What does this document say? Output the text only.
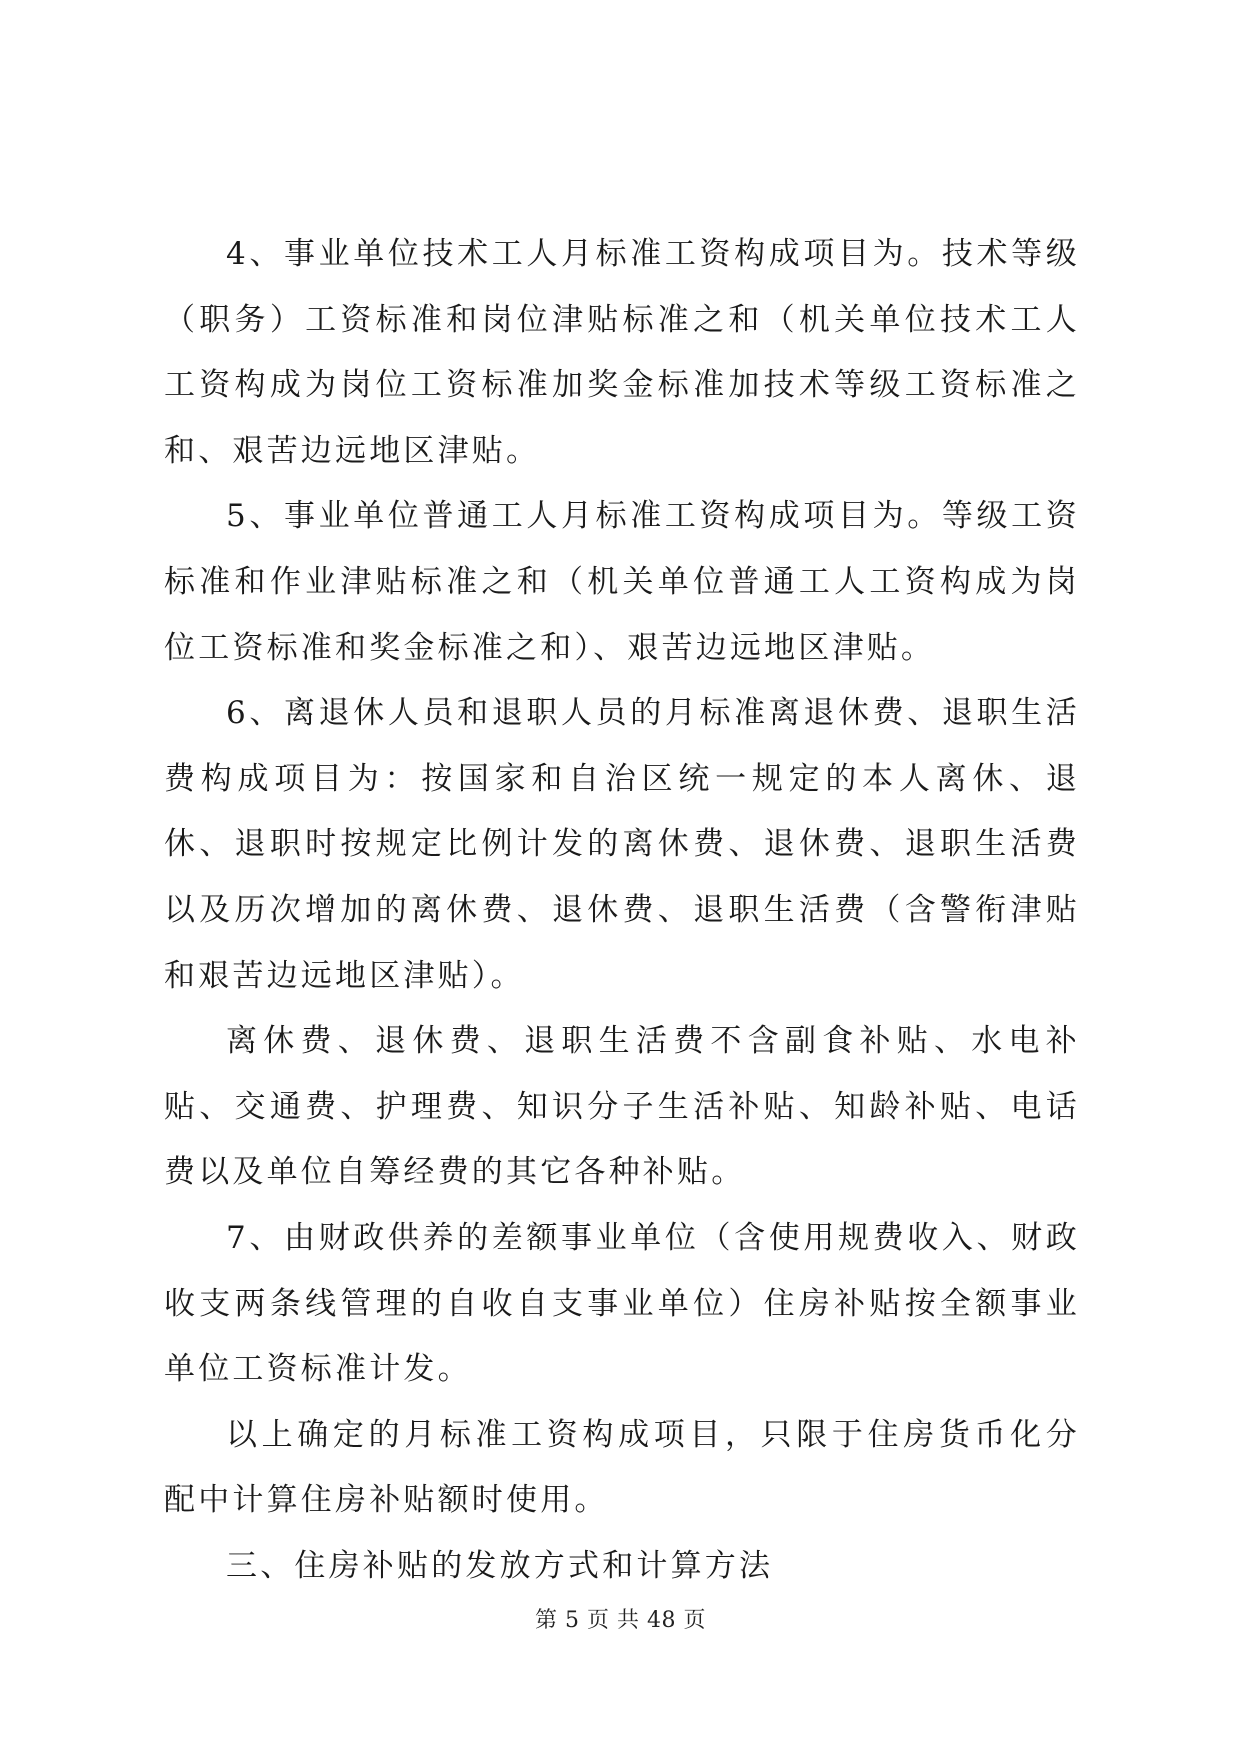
4、事业单位技术工人月标准工资构成项目为。技术等级（职务）工资标准和岗位津贴标准之和（机关单位技术工人工资构成为岗位工资标准加奖金标准加技术等级工资标准之和、艰苦边远地区津贴。

5、事业单位普通工人月标准工资构成项目为。等级工资标准和作业津贴标准之和（机关单位普通工人工资构成为岗位工资标准和奖金标准之和）、艰苦边远地区津贴。

6、离退休人员和退职人员的月标准离退休费、退职生活费构成项目为：按国家和自治区统一规定的本人离休、退休、退职时按规定比例计发的离休费、退休费、退职生活费以及历次增加的离休费、退休费、退职生活费（含警衔津贴和艰苦边远地区津贴）。

离休费、退休费、退职生活费不含副食补贴、水电补贴、交通费、护理费、知识分子生活补贴、知龄补贴、电话费以及单位自筹经费的其它各种补贴。

7、由财政供养的差额事业单位（含使用规费收入、财政收支两条线管理的自收自支事业单位）住房补贴按全额事业单位工资标准计发。

以上确定的月标准工资构成项目，只限于住房货币化分配中计算住房补贴额时使用。

三、住房补贴的发放方式和计算方法

第 5 页 共 48 页
